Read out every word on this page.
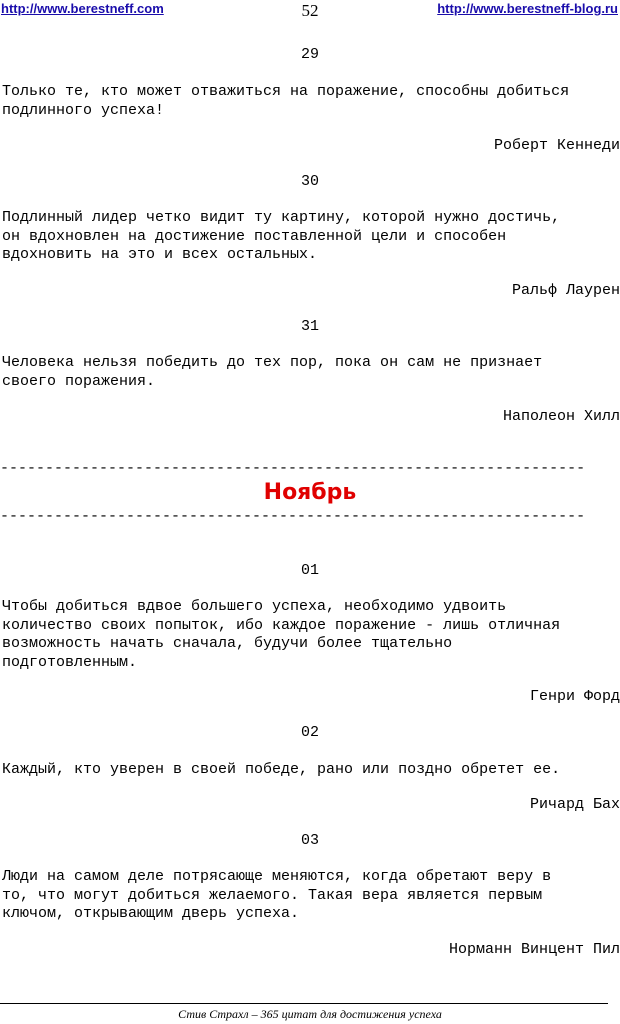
http://www.berestneff.com	52	http://www.berestneff-blog.ru
29
Только те, кто может отважиться на поражение, способны добиться
подлинного успеха!
Роберт Кеннеди
30
Подлинный лидер четко видит ту картину, которой нужно достичь,
он вдохновлен на достижение поставленной цели и способен
вдохновить на это и всех остальных.
Ральф Лаурен
31
Человека нельзя победить до тех пор, пока он сам не признает
своего поражения.
Наполеон Хилл
-----------------------------------------------------------------
Ноябрь
-----------------------------------------------------------------
01
Чтобы добиться вдвое большего успеха, необходимо удвоить
количество своих попыток, ибо каждое поражение - лишь отличная
возможность начать сначала, будучи более тщательно
подготовленным.
Генри Форд
02
Каждый, кто уверен в своей победе, рано или поздно обретет ее.
Ричард Бах
03
Люди на самом деле потрясающе меняются, когда обретают веру в
то, что могут добиться желаемого. Такая вера является первым
ключом, открывающим дверь успеха.
Норманн Винцент Пил
Стив Страхл – 365 цитат для достижения успеха
